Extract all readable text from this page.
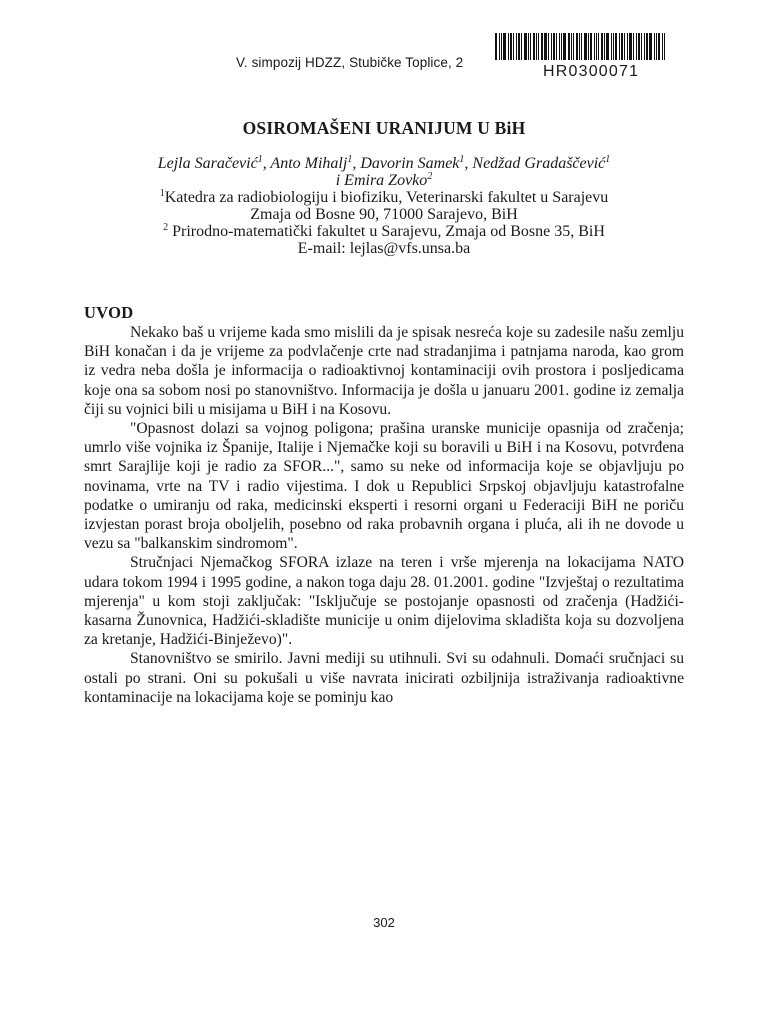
V. simpozij HDZZ, Stubičke Toplice, 2
HR0300071
OSIROMAŠENI URANIJUM U BiH
Lejla Saračević$^1$, Anto Mihalj$^1$, Davorin Samek$^1$, Nedžad Gradaščević$^1$
i Emira Zovko$^2$
$^1$Katedra za radiobiologiju i biofiziku, Veterinarski fakultet u Sarajevu
Zmaja od Bosne 90, 71000 Sarajevo, BiH
$^2$ Prirodno-matematički fakultet u Sarajevu, Zmaja od Bosne 35, BiH
E-mail: lejlas@vfs.unsa.ba
UVOD

Nekako baš u vrijeme kada smo mislili da je spisak nesreća koje su zadesile našu zemlju BiH konačan i da je vrijeme za podvlačenje crte nad stradanjima i patnjama naroda, kao grom iz vedra neba došla je informacija o radioaktivnoj kontaminaciji ovih prostora i posljedicama koje ona sa sobom nosi po stanovništvo. Informacija je došla u januaru 2001. godine iz zemalja čiji su vojnici bili u misijama u BiH i na Kosovu.

"Opasnost dolazi sa vojnog poligona; prašina uranske municije opasnija od zračenja; umrlo više vojnika iz Španije, Italije i Njemačke koji su boravili u BiH i na Kosovu, potvrđena smrt Sarajlije koji je radio za SFOR...", samo su neke od informacija koje se objavljuju po novinama, vrte na TV i radio vijestima. I dok u Republici Srpskoj objavljuju katastrofalne podatke o umiranju od raka, medicinski eksperti i resorni organi u Federaciji BiH ne poriču izvjestan porast broja oboljelih, posebno od raka probavnih organa i pluća, ali ih ne dovode u vezu sa "balkanskim sindromom".

Stručnjaci Njemačkog SFORA izlaze na teren i vrše mjerenja na lokacijama NATO udara tokom 1994 i 1995 godine, a nakon toga daju 28. 01.2001. godine "Izvještaj o rezultatima mjerenja" u kom stoji zaključak: "Isključuje se postojanje opasnosti od zračenja (Hadžići-kasarna Žunovnica, Hadžići-skladište municije u onim dijelovima skladišta koja su dozvoljena za kretanje, Hadžići-Binježevo)".

Stanovništvo se smirilo. Javni mediji su utihnuli. Svi su odahnuli. Domaći sručnjaci su ostali po strani. Oni su pokušali u više navrata inicirati ozbiljnija istraživanja radioaktivne kontaminacije na lokacijama koje se pominju kao

302
